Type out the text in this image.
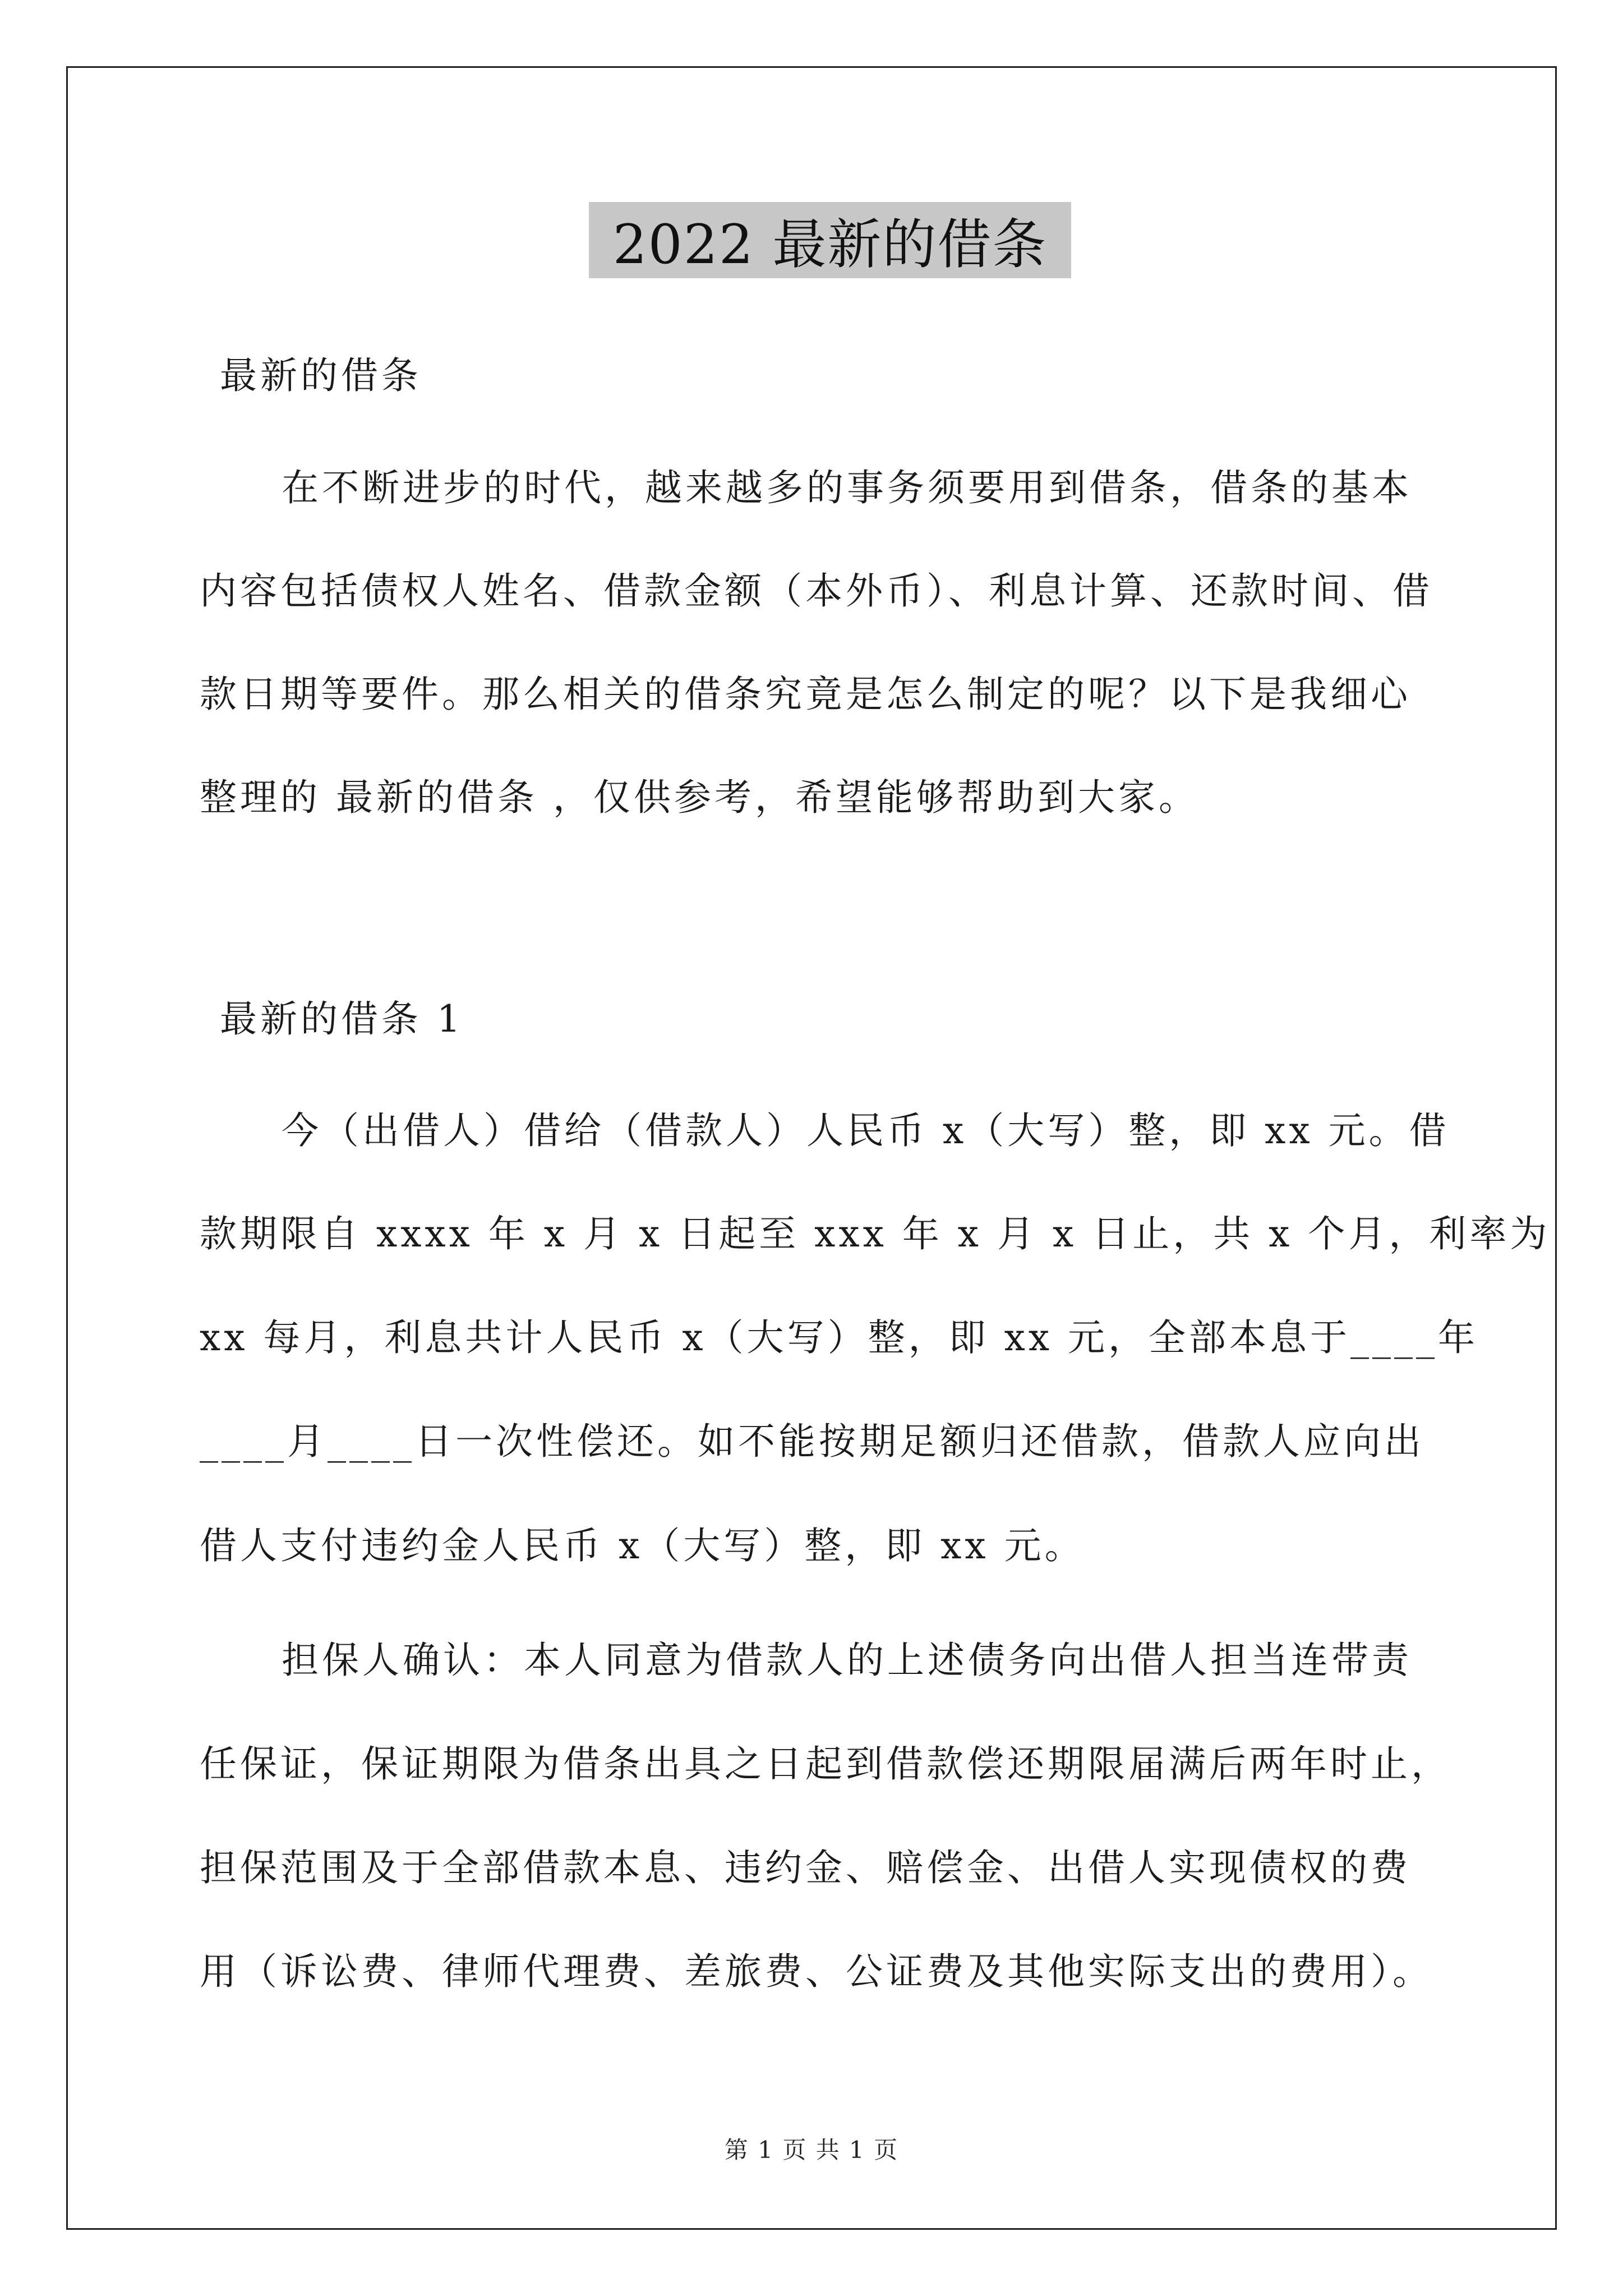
2022 最新的借条
最新的借条
在不断进步的时代，越来越多的事务须要用到借条，借条的基本
内容包括债权人姓名、借款金额（本外币）、利息计算、还款时间、借
款日期等要件。那么相关的借条究竟是怎么制定的呢？以下是我细心
整理的 最新的借条 ，仅供参考，希望能够帮助到大家。
最新的借条 1
今（出借人）借给（借款人）人民币 x（大写）整，即 xx 元。借
款期限自 xxxx 年 x 月 x 日起至 xxx 年 x 月 x 日止，共 x 个月，利率为
xx 每月，利息共计人民币 x（大写）整，即 xx 元，全部本息于____年
____月____日一次性偿还。如不能按期足额归还借款，借款人应向出
借人支付违约金人民币 x（大写）整，即 xx 元。
担保人确认：本人同意为借款人的上述债务向出借人担当连带责
任保证，保证期限为借条出具之日起到借款偿还期限届满后两年时止，
担保范围及于全部借款本息、违约金、赔偿金、出借人实现债权的费
用（诉讼费、律师代理费、差旅费、公证费及其他实际支出的费用）。
第 1 页 共 1 页
